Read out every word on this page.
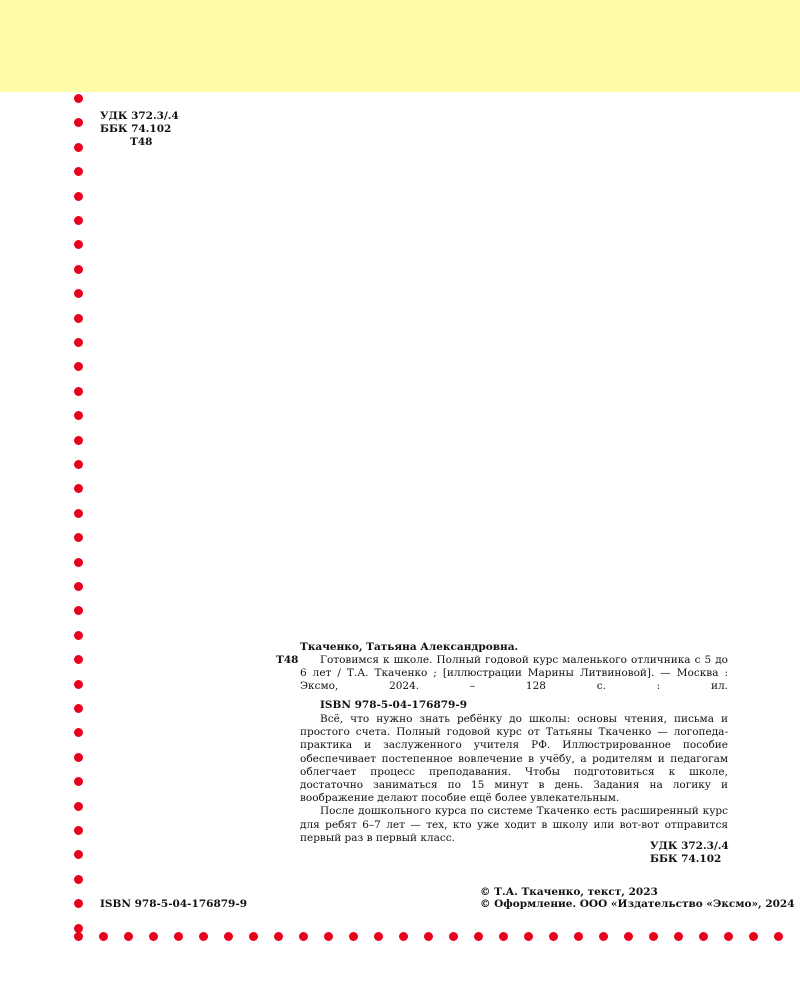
УДК 372.3/.4

ББК 74.102

Т48

Ткаченко, Татьяна Александровна.

Т48	Готовимся к школе. Полный годовой курс маленького отличника с 5 до 6 лет / Т.А. Ткаченко ; [иллюстрации Марины Литвиновой]. — Москва : Эксмо, 2024. – 128 с. : ил.

ISBN 978-5-04-176879-9

Всё, что нужно знать ребёнку до школы: основы чтения, письма и простого счета. Полный годовой курс от Татьяны Ткаченко — логопеда-практика и заслуженного учителя РФ. Иллюстрированное пособие обеспечивает постепенное вовлечение в учёбу, а родителям и педагогам облегчает процесс преподавания. Чтобы подготовиться к школе, достаточно заниматься по 15 минут в день. Задания на логику и воображение делают пособие ещё более увлекательным.

После дошкольного курса по системе Ткаченко есть расширенный курс для ребят 6–7 лет — тех, кто уже ходит в школу или вот-вот отправится первый раз в первый класс.

УДК 372.3/.4

ББК 74.102

ISBN 978-5-04-176879-9

© Т.А. Ткаченко, текст, 2023

© Оформление. ООО «Издательство «Эксмо», 2024
